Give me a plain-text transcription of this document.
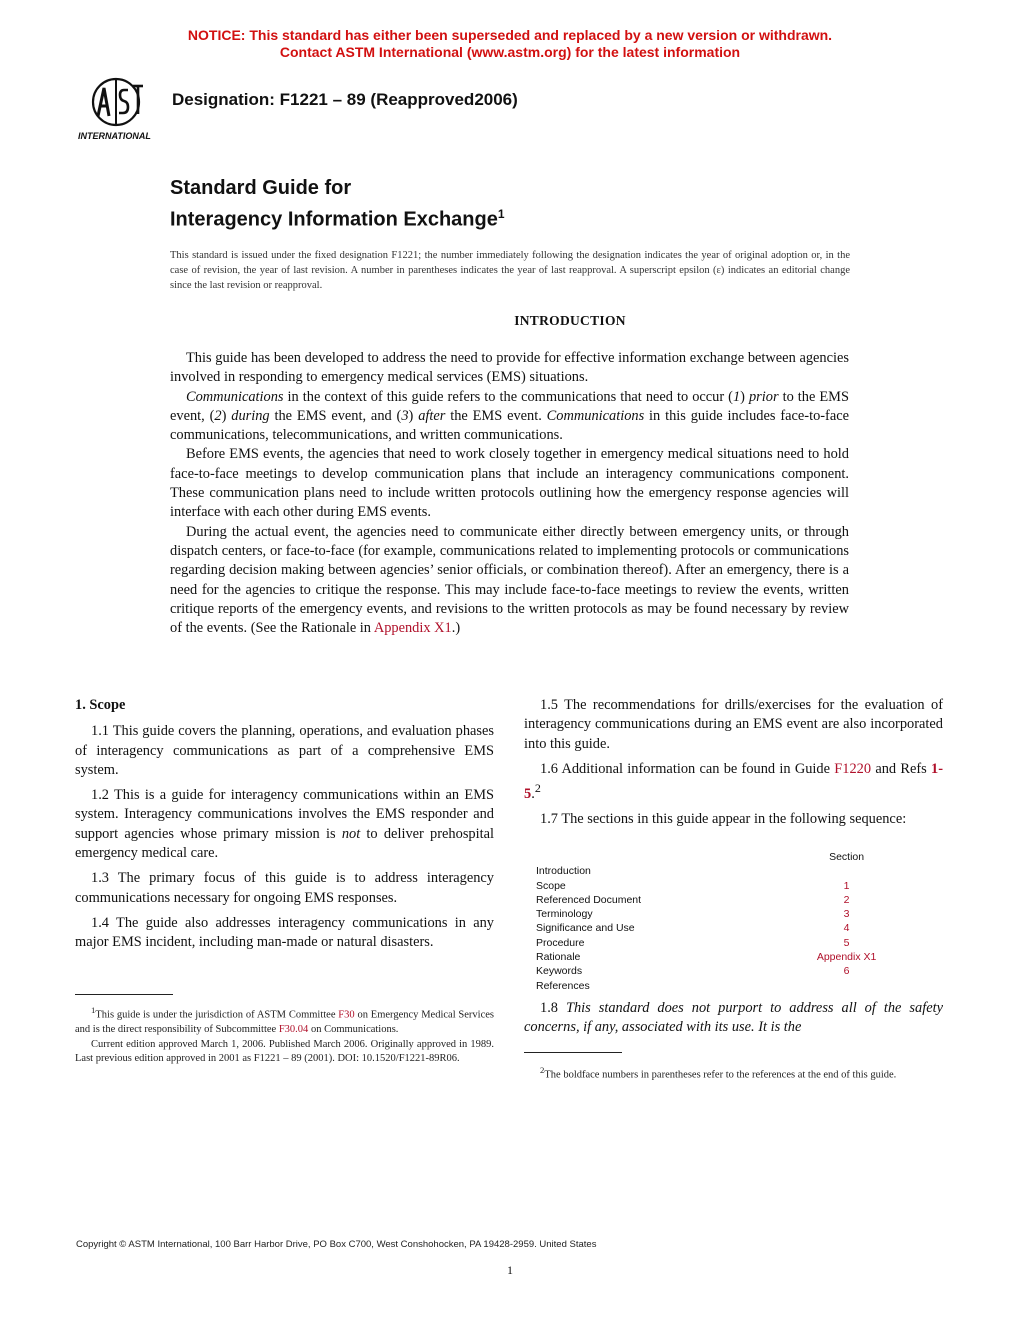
NOTICE: This standard has either been superseded and replaced by a new version or withdrawn.
Contact ASTM International (www.astm.org) for the latest information
INTERNATIONAL
Designation: F1221 – 89 (Reapproved2006)
Standard Guide for
Interagency Information Exchange$^1$
This standard is issued under the fixed designation F1221; the number immediately following the designation indicates the year of original adoption or, in the case of revision, the year of last revision. A number in parentheses indicates the year of last reapproval. A superscript epsilon (ε) indicates an editorial change since the last revision or reapproval.
INTRODUCTION

This guide has been developed to address the need to provide for effective information exchange between agencies involved in responding to emergency medical services (EMS) situations.

Communications in the context of this guide refers to the communications that need to occur (1) prior to the EMS event, (2) during the EMS event, and (3) after the EMS event. Communications in this guide includes face-to-face communications, telecommunications, and written communications.

Before EMS events, the agencies that need to work closely together in emergency medical situations need to hold face-to-face meetings to develop communication plans that include an interagency communications component. These communication plans need to include written protocols outlining how the emergency response agencies will interface with each other during EMS events.

During the actual event, the agencies need to communicate either directly between emergency units, or through dispatch centers, or face-to-face (for example, communications related to implementing protocols or communications regarding decision making between agencies’ senior officials, or combination thereof). After an emergency, there is a need for the agencies to critique the response. This may include face-to-face meetings to review the events, written critique reports of the emergency events, and revisions to the written protocols as may be found necessary by review of the events. (See the Rationale in Appendix X1.)

1. Scope

1.1 This guide covers the planning, operations, and evaluation phases of interagency communications as part of a comprehensive EMS system.

1.2 This is a guide for interagency communications within an EMS system. Interagency communications involves the EMS responder and support agencies whose primary mission is not to deliver prehospital emergency medical care.

1.3 The primary focus of this guide is to address interagency communications necessary for ongoing EMS responses.

1.4 The guide also addresses interagency communications in any major EMS incident, including man-made or natural disasters.

$^1$This guide is under the jurisdiction of ASTM Committee F30 on Emergency Medical Services and is the direct responsibility of Subcommittee F30.04 on Communications.

Current edition approved March 1, 2006. Published March 2006. Originally approved in 1989. Last previous edition approved in 2001 as F1221 – 89 (2001). DOI: 10.1520/F1221-89R06.

1.5 The recommendations for drills/exercises for the evaluation of interagency communications during an EMS event are also incorporated into this guide.

1.6 Additional information can be found in Guide F1220 and Refs 1-5.$^2$

1.7 The sections in this guide appear in the following sequence:

	Section
Introduction	
Scope	1
Referenced Document	2
Terminology	3
Significance and Use	4
Procedure	5
Rationale	Appendix X1
Keywords	6
References	

1.8 This standard does not purport to address all of the safety concerns, if any, associated with its use. It is the

$^2$The boldface numbers in parentheses refer to the references at the end of this guide.

Copyright © ASTM International, 100 Barr Harbor Drive, PO Box C700, West Conshohocken, PA 19428-2959. United States
1
